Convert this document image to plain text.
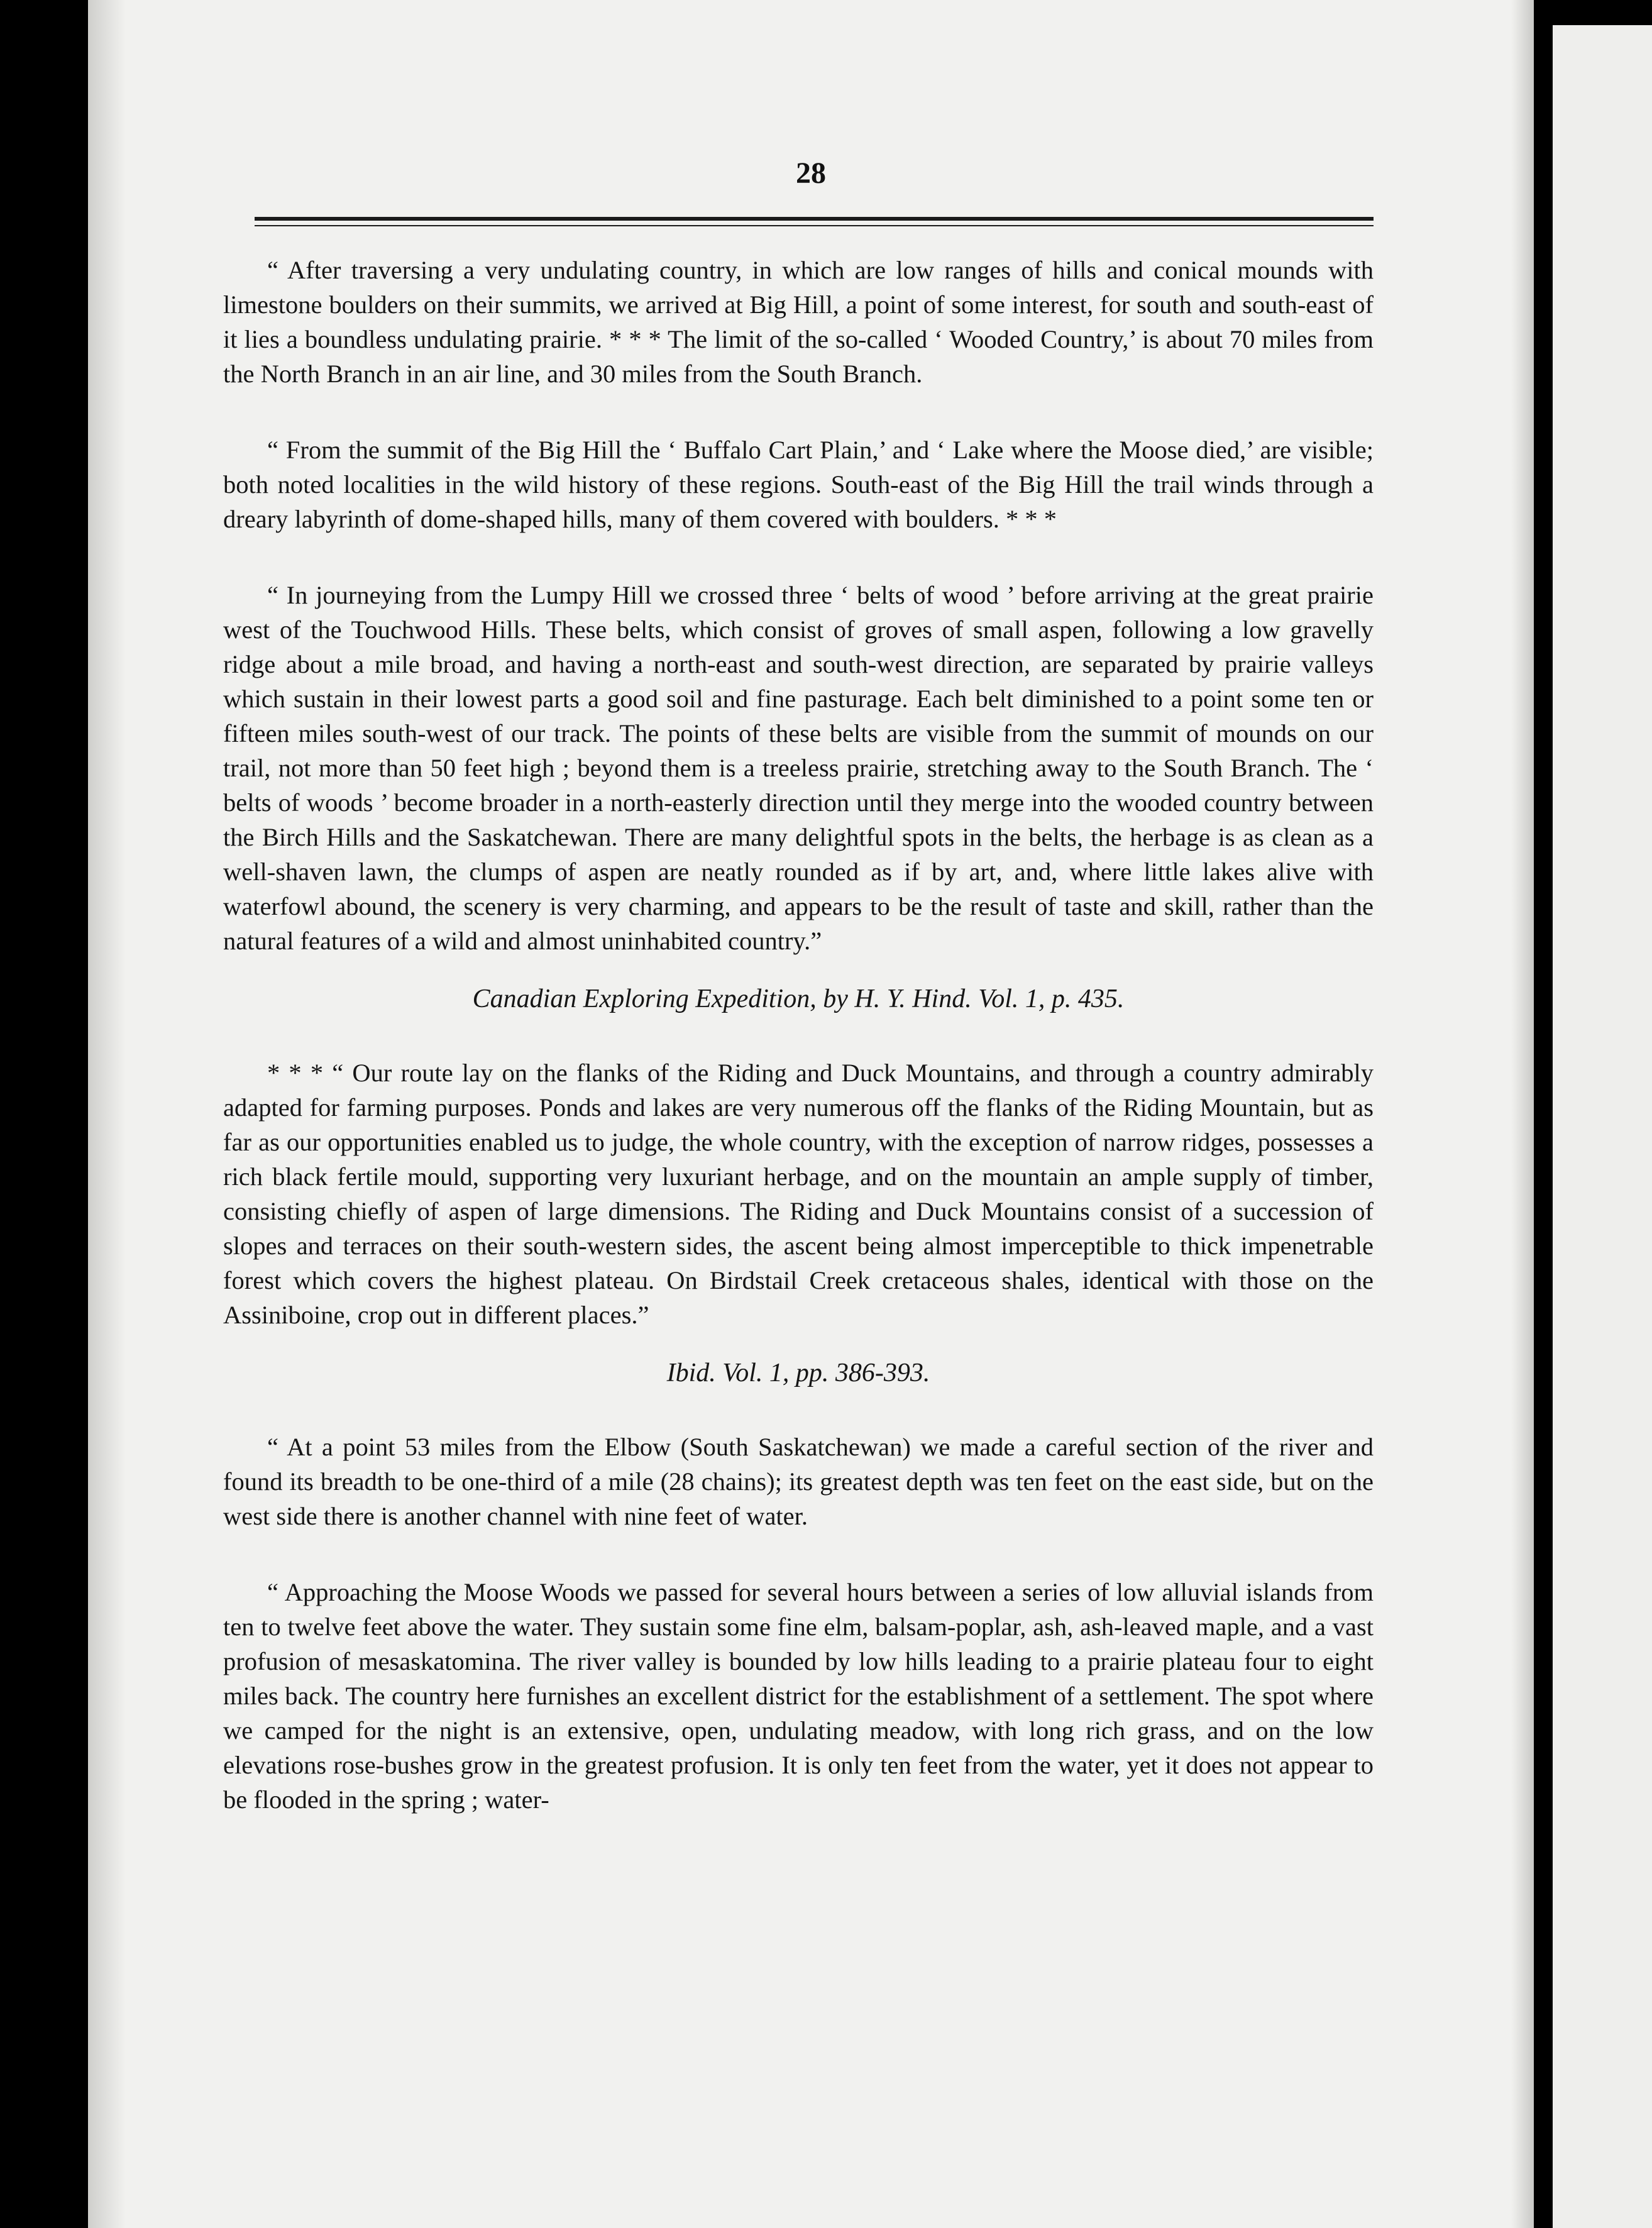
28

“ After traversing a very undulating country, in which are low ranges of hills and conical mounds with limestone boulders on their summits, we arrived at Big Hill, a point of some interest, for south and south-east of it lies a boundless undulating prairie. * * * The limit of the so-called ‘ Wooded Country,’ is about 70 miles from the North Branch in an air line, and 30 miles from the South Branch.

“ From the summit of the Big Hill the ‘ Buffalo Cart Plain,’ and ‘ Lake where the Moose died,’ are visible; both noted localities in the wild history of these regions. South-east of the Big Hill the trail winds through a dreary labyrinth of dome-shaped hills, many of them covered with boulders. * * *

“ In journeying from the Lumpy Hill we crossed three ‘ belts of wood ’ before arriving at the great prairie west of the Touchwood Hills. These belts, which consist of groves of small aspen, following a low gravelly ridge about a mile broad, and having a north-east and south-west direction, are separated by prairie valleys which sustain in their lowest parts a good soil and fine pasturage. Each belt diminished to a point some ten or fifteen miles south-west of our track. The points of these belts are visible from the summit of mounds on our trail, not more than 50 feet high ; beyond them is a treeless prairie, stretching away to the South Branch. The ‘ belts of woods ’ become broader in a north-easterly direction until they merge into the wooded country between the Birch Hills and the Saskatchewan. There are many delightful spots in the belts, the herbage is as clean as a well-shaven lawn, the clumps of aspen are neatly rounded as if by art, and, where little lakes alive with waterfowl abound, the scenery is very charming, and appears to be the result of taste and skill, rather than the natural features of a wild and almost uninhabited country.”

Canadian Exploring Expedition, by H. Y. Hind. Vol. 1, p. 435.

* * * “ Our route lay on the flanks of the Riding and Duck Mountains, and through a country admirably adapted for farming purposes. Ponds and lakes are very numerous off the flanks of the Riding Mountain, but as far as our opportunities enabled us to judge, the whole country, with the exception of narrow ridges, possesses a rich black fertile mould, supporting very luxuriant herbage, and on the mountain an ample supply of timber, consisting chiefly of aspen of large dimensions. The Riding and Duck Mountains consist of a succession of slopes and terraces on their south-western sides, the ascent being almost imperceptible to thick impenetrable forest which covers the highest plateau. On Birdstail Creek cretaceous shales, identical with those on the Assiniboine, crop out in different places.”

Ibid. Vol. 1, pp. 386-393.

“ At a point 53 miles from the Elbow (South Saskatchewan) we made a careful section of the river and found its breadth to be one-third of a mile (28 chains); its greatest depth was ten feet on the east side, but on the west side there is another channel with nine feet of water.

“ Approaching the Moose Woods we passed for several hours between a series of low alluvial islands from ten to twelve feet above the water. They sustain some fine elm, balsam-poplar, ash, ash-leaved maple, and a vast profusion of mesaskatomina. The river valley is bounded by low hills leading to a prairie plateau four to eight miles back. The country here furnishes an excellent district for the establishment of a settlement. The spot where we camped for the night is an extensive, open, undulating meadow, with long rich grass, and on the low elevations rose-bushes grow in the greatest profusion. It is only ten feet from the water, yet it does not appear to be flooded in the spring ; water-
